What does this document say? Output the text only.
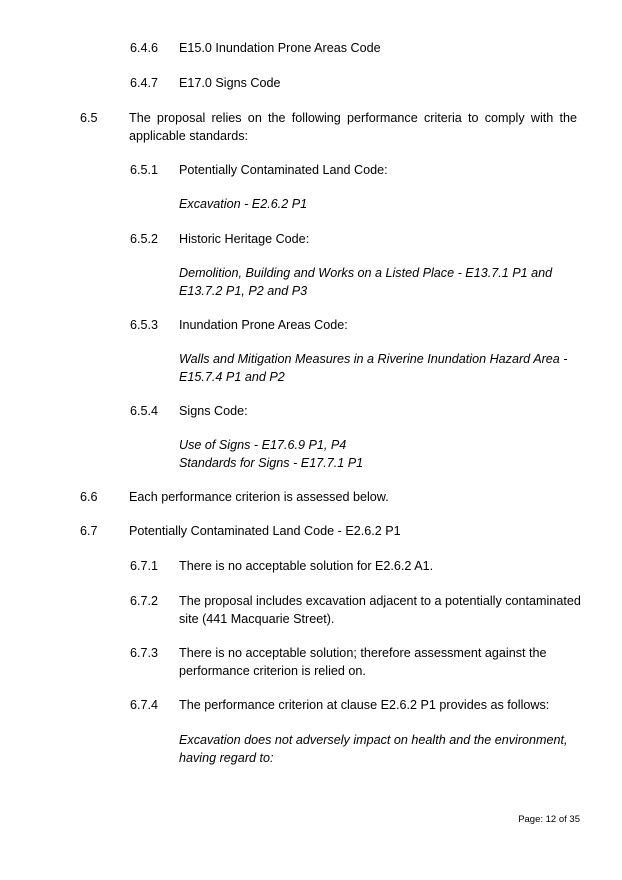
6.4.6 E15.0 Inundation Prone Areas Code
6.4.7 E17.0 Signs Code
6.5 The proposal relies on the following performance criteria to comply with the applicable standards:

6.5.1 Potentially Contaminated Land Code:
Excavation - E2.6.2 P1
6.5.2 Historic Heritage Code:
Demolition, Building and Works on a Listed Place - E13.7.1 P1 and
E13.7.2 P1, P2 and P3
6.5.3 Inundation Prone Areas Code:
Walls and Mitigation Measures in a Riverine Inundation Hazard Area -
E15.7.4 P1 and P2
6.5.4 Signs Code:
Use of Signs - E17.6.9 P1, P4
Standards for Signs - E17.7.1 P1
6.6 Each performance criterion is assessed below.
6.7 Potentially Contaminated Land Code - E2.6.2 P1
6.7.1 There is no acceptable solution for E2.6.2 A1.
6.7.2 The proposal includes excavation adjacent to a potentially contaminated
site (441 Macquarie Street).
6.7.3 There is no acceptable solution; therefore assessment against the
performance criterion is relied on.
6.7.4 The performance criterion at clause E2.6.2 P1 provides as follows:
Excavation does not adversely impact on health and the environment,
having regard to:
Page: 12 of 35
